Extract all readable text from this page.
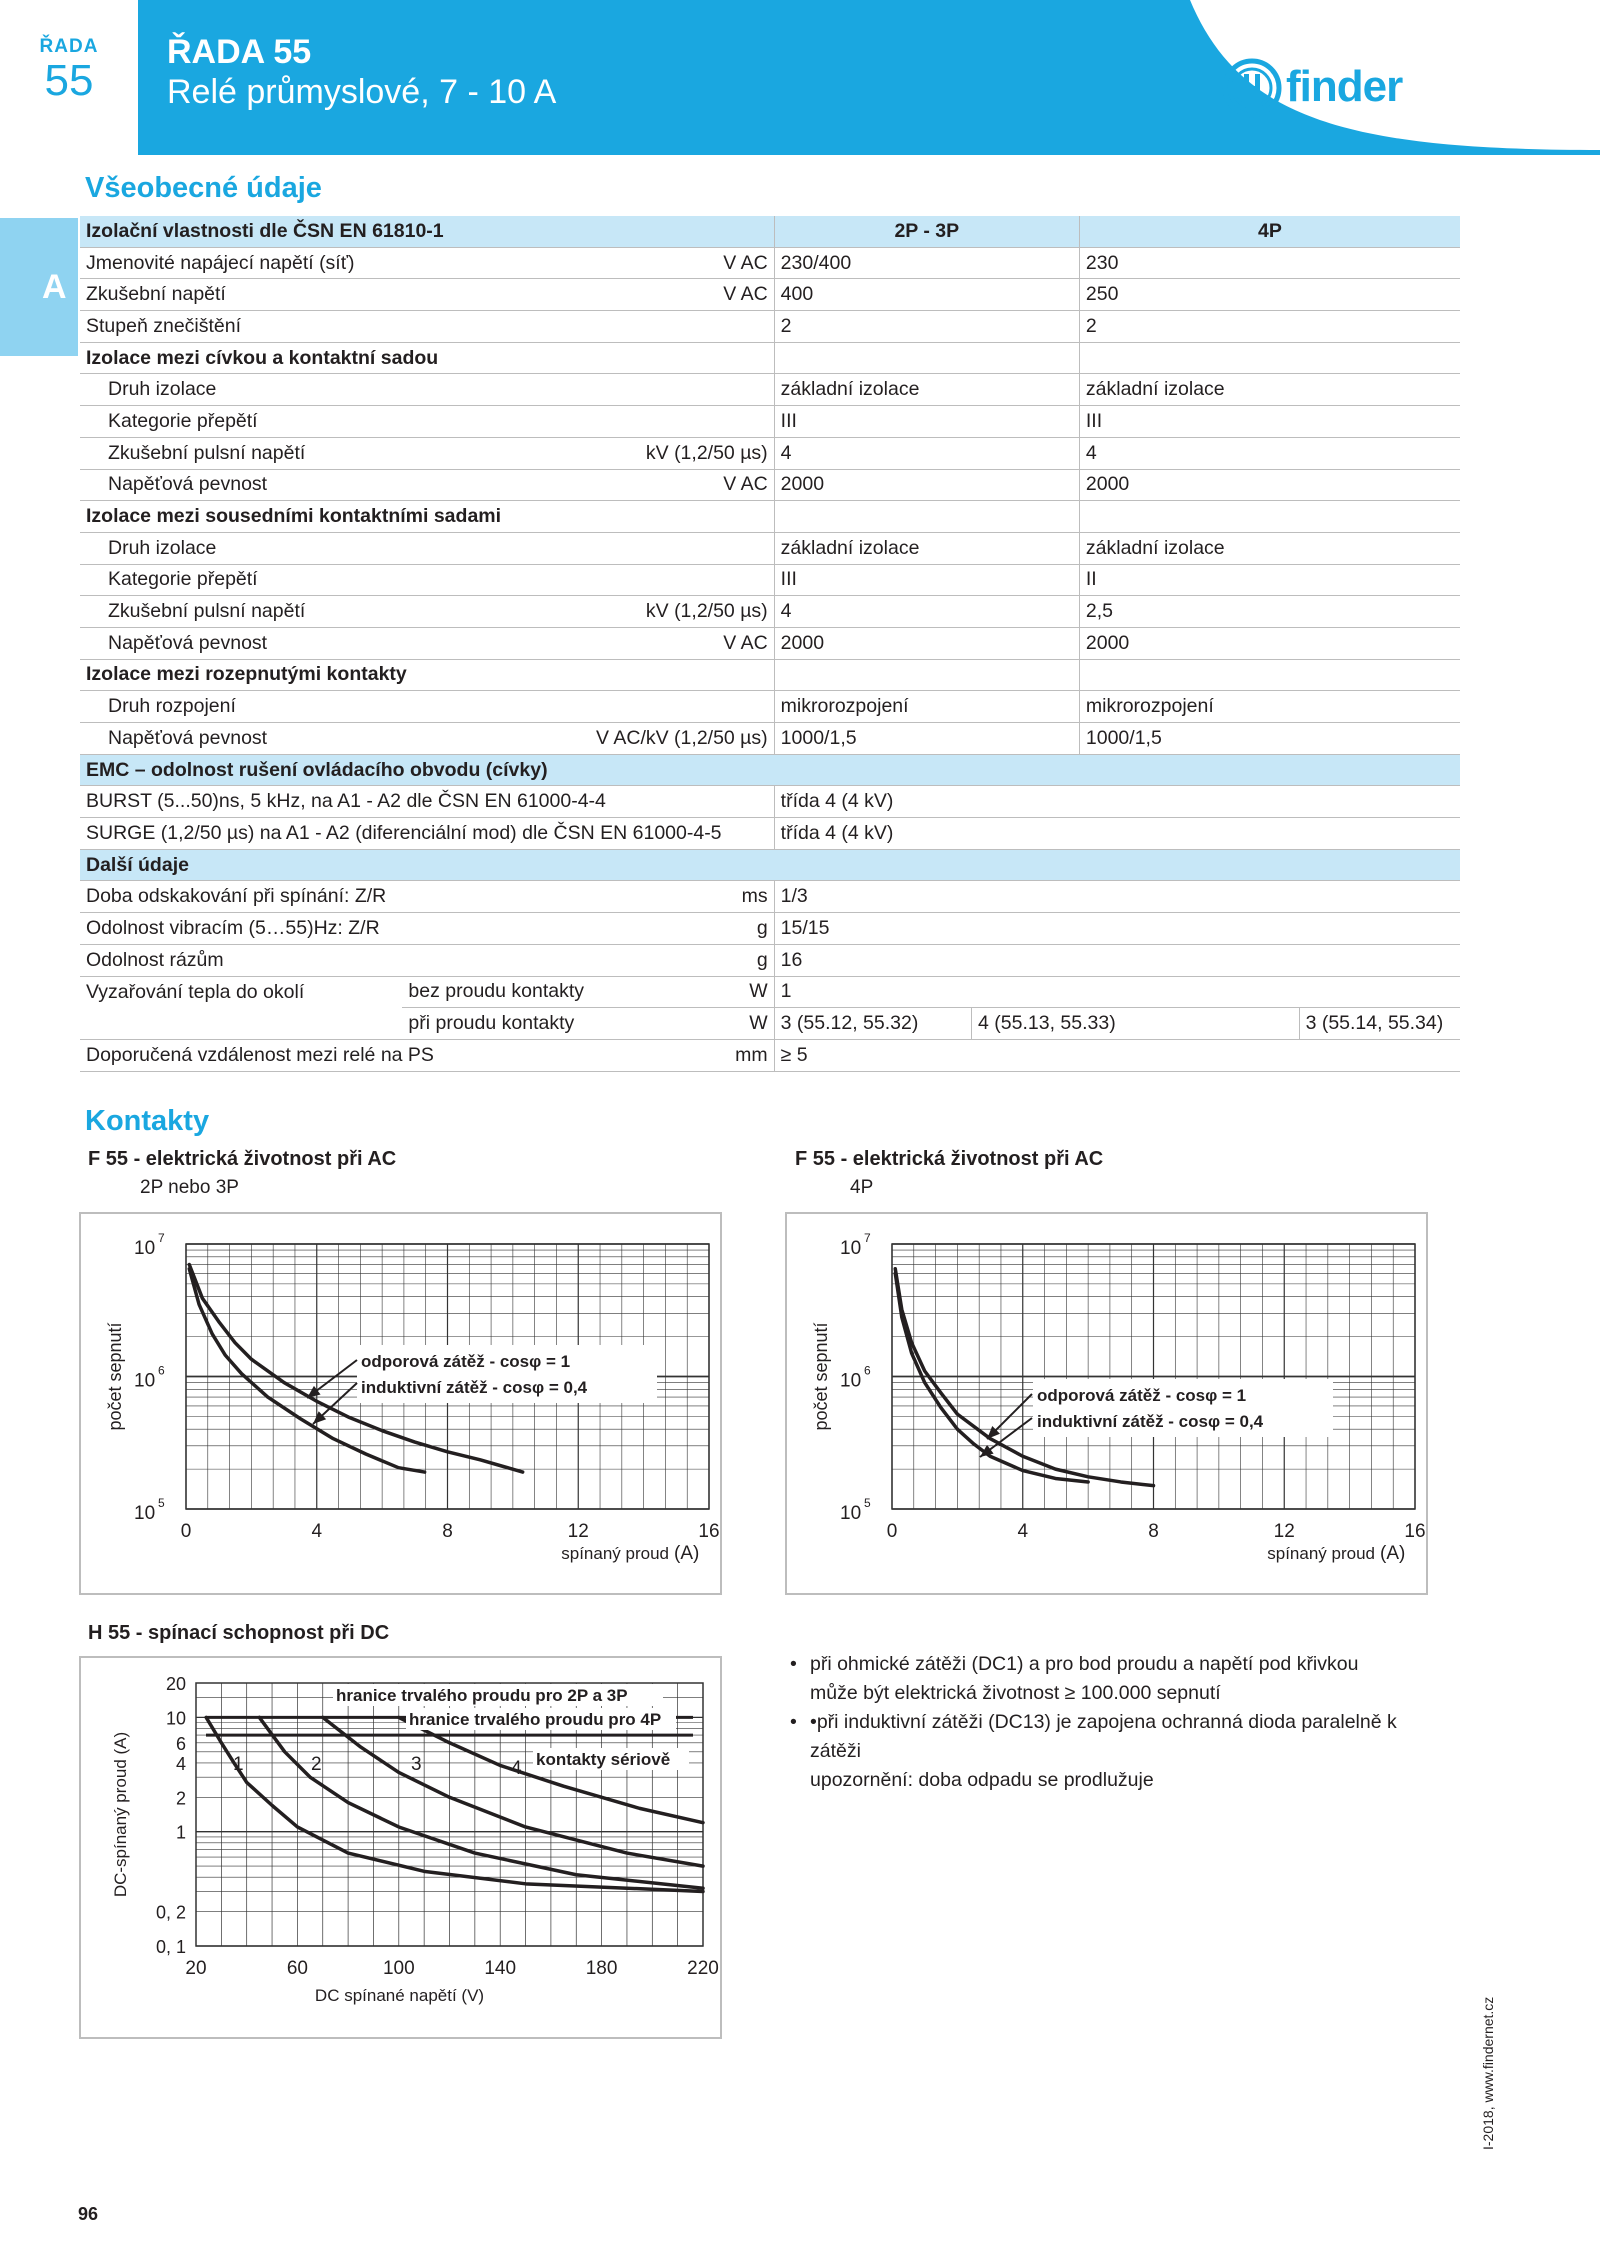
ŘADA
55
ŘADA 55
Relé průmyslové, 7 - 10 A	finder
A
Všeobecné údaje
Izolační vlastnosti dle ČSN EN 61810-1			2P - 3P		4P	
Jmenovité napájecí napětí (síť)		V AC	230/400		230	
Zkušební napětí		V AC	400		250	
Stupeň znečištění			2		2	
Izolace mezi cívkou a kontaktní sadou						
Druh izolace			základní izolace		základní izolace	
Kategorie přepětí			III		III	
Zkušební pulsní napětí		kV (1,2/50 µs)	4		4	
Napěťová pevnost		V AC	2000		2000	
Izolace mezi sousedními kontaktními sadami						
Druh izolace			základní izolace		základní izolace	
Kategorie přepětí			III		II	
Zkušební pulsní napětí		kV (1,2/50 µs)	4		2,5	
Napěťová pevnost		V AC	2000		2000	
Izolace mezi rozepnutými kontakty						
Druh rozpojení			mikrorozpojení		mikrorozpojení	
Napěťová pevnost		V AC/kV (1,2/50 µs)	1000/1,5		1000/1,5	
EMC – odolnost rušení ovládacího obvodu (cívky)						
BURST (5...50)ns, 5 kHz, na A1 - A2 dle ČSN EN 61000-4-4			třída 4 (4 kV)			
SURGE (1,2/50 µs) na A1 - A2 (diferenciální mod) dle ČSN EN 61000-4-5			třída 4 (4 kV)			
Další údaje						
Doba odskakování při spínání: Z/R		ms	1/3			
Odolnost vibracím (5…55)Hz: Z/R		g	15/15			
Odolnost rázům		g	16			
Vyzařování tepla do okolí	bez proudu kontakty	W	1			
	při proudu kontakty	W	3 (55.12, 55.32)	4 (55.13, 55.33)		3 (55.14, 55.34)
Doporučená vzdálenost mezi relé na PS		mm	≥ 5			
Kontakty
F 55 - elektrická životnost při AC
2P nebo 3P
F 55 - elektrická životnost při AC
4P
0	4	8	12	16
10 7
10 6
10 5
počet sepnutí
spínaný proud (A)
odporová zátěž - cosφ = 1
induktivní zátěž - cosφ = 0,4
0	4	8	12	16
10 7
10 6
10 5
počet sepnutí
spínaný proud (A)
odporová zátěž - cosφ = 1
induktivní zátěž - cosφ = 0,4
H 55 - spínací schopnost při DC
20	60	100	140	180	220
20
10
6
4
2
1
0, 2
0, 1
DC-spínaný proud (A)
DC spínané napětí (V)
hranice trvalého proudu pro 2P a 3P
hranice trvalého proudu pro 4P
kontakty sériově
1	2	3	4
• při ohmické zátěži (DC1) a pro bod proudu a napětí pod křivkou může být elektrická životnost ≥ 100.000 sepnutí
• •při induktivní zátěži (DC13) je zapojena ochranná dioda paralelně k zátěži
upozornění: doba odpadu se prodlužuje
96
I-2018, www.findernet.cz
